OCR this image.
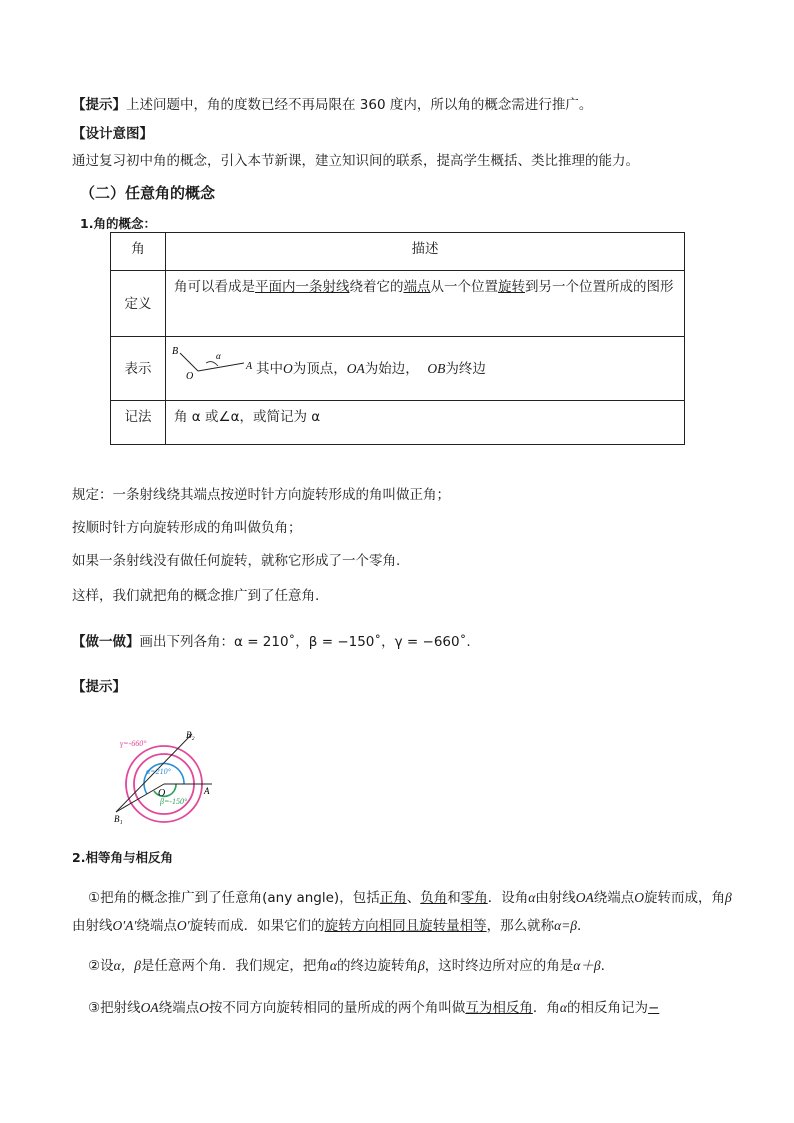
【提示】上述问题中，角的度数已经不再局限在 360 度内，所以角的概念需进行推广。
【设计意图】
通过复习初中角的概念，引入本节新课，建立知识间的联系，提高学生概括、类比推理的能力。
（二）任意角的概念
1.角的概念：
角	描述
定义	角可以看成是平面内一条射线绕着它的端点从一个位置旋转到另一个位置所成的图形
表示	B
O
A
α
其中O为顶点，OA为始边， OB为终边

记法	角 α 或∠α，或简记为 α
规定：一条射线绕其端点按逆时针方向旋转形成的角叫做正角；
按顺时针方向旋转形成的角叫做负角；
如果一条射线没有做任何旋转，就称它形成了一个零角.
这样，我们就把角的概念推广到了任意角.
【做一做】画出下列各角：α = 210˚，β = −150˚，γ = −660˚.
【提示】
γ=-660°
α=210°
β=-150°
B₂
B₁
O	A
2.相等角与相反角
①把角的概念推广到了任意角(any angle)，包括正角、负角和零角．设角α由射线OA绕端点O旋转而成，角β由射线O′A′绕端点O′旋转而成．如果它们的旋转方向相同且旋转量相等，那么就称α=β.
②设α，β是任意两个角．我们规定，把角α的终边旋转角β，这时终边所对应的角是α＋β.
③把射线OA绕端点O按不同方向旋转相同的量所成的两个角叫做互为相反角．角α的相反角记为−
